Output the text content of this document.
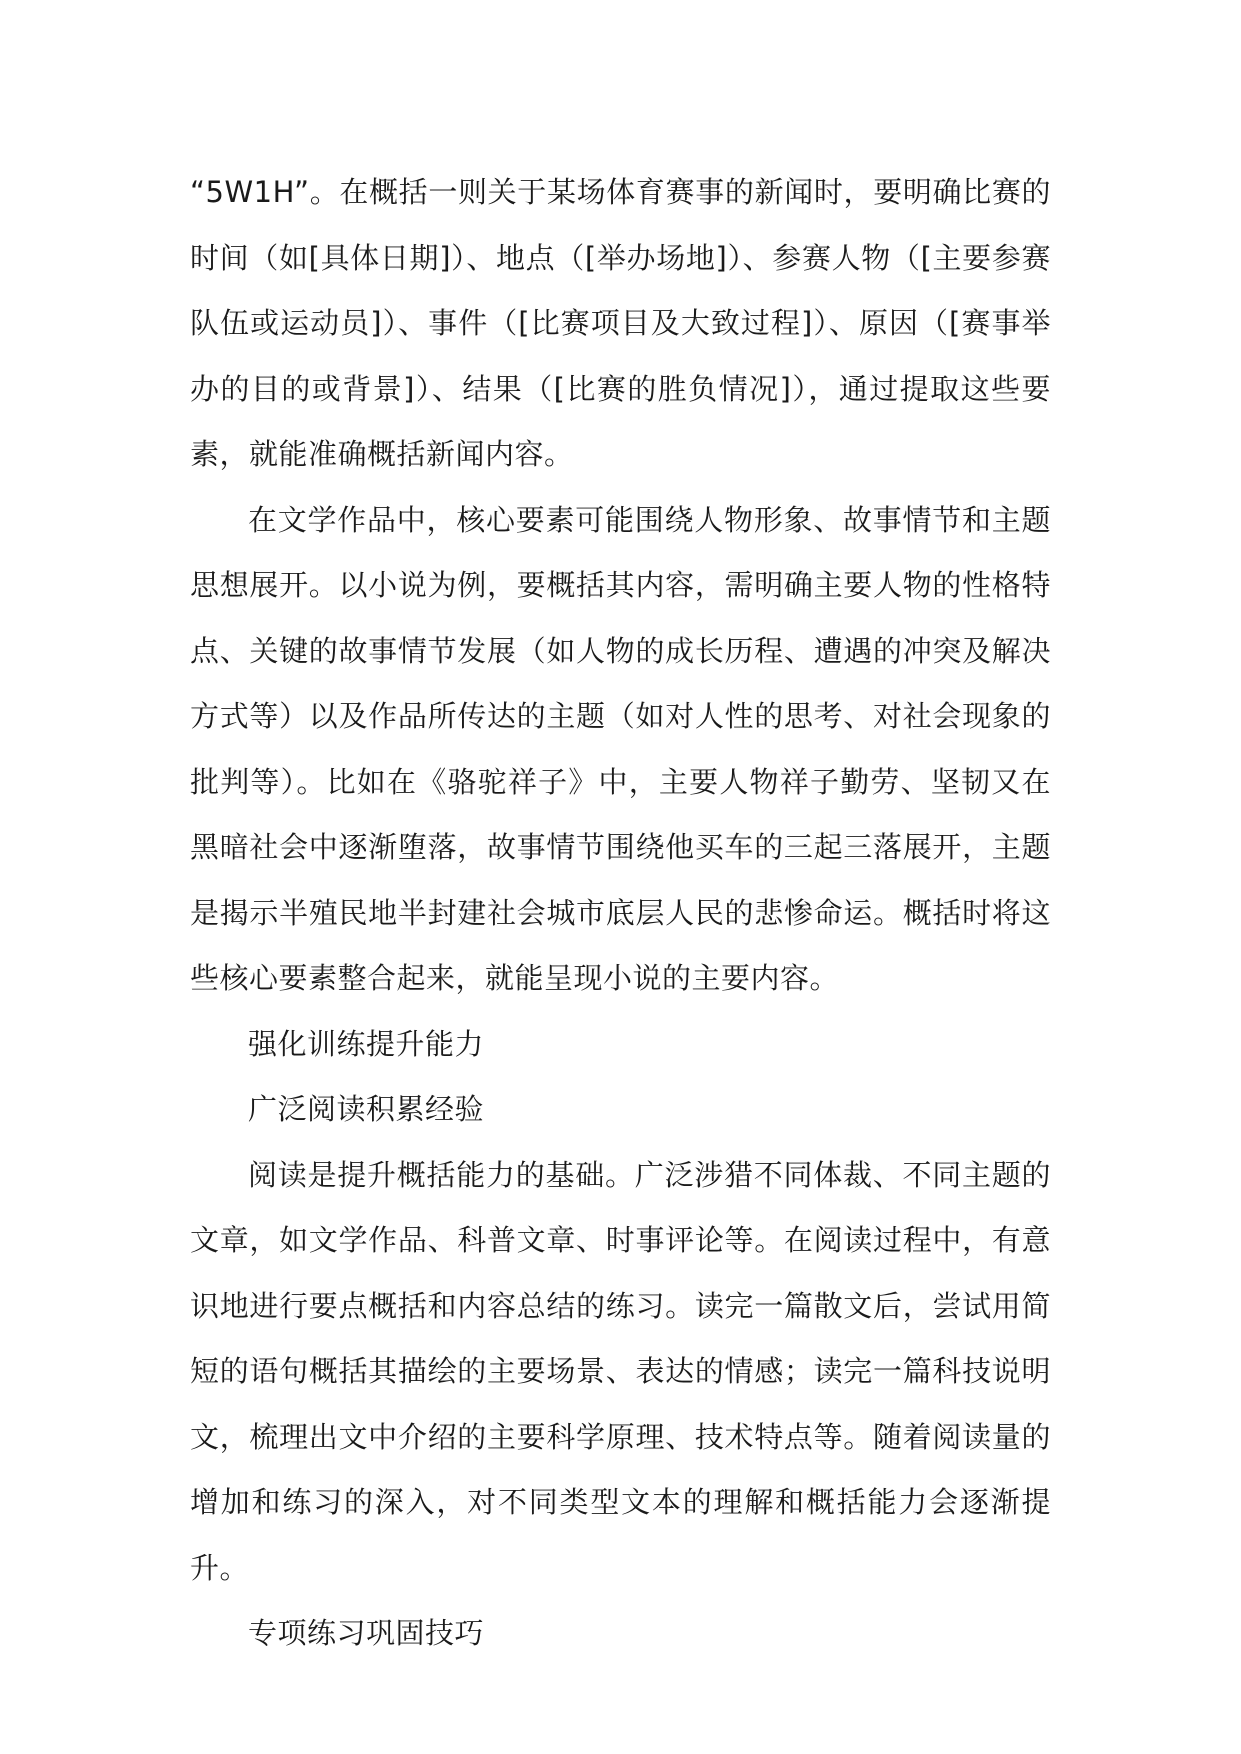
“5W1H”。在概括一则关于某场体育赛事的新闻时，要明确比赛的时间（如[具体日期]）、地点（[举办场地]）、参赛人物（[主要参赛队伍或运动员]）、事件（[比赛项目及大致过程]）、原因（[赛事举办的目的或背景]）、结果（[比赛的胜负情况]），通过提取这些要素，就能准确概括新闻内容。

在文学作品中，核心要素可能围绕人物形象、故事情节和主题思想展开。以小说为例，要概括其内容，需明确主要人物的性格特点、关键的故事情节发展（如人物的成长历程、遭遇的冲突及解决方式等）以及作品所传达的主题（如对人性的思考、对社会现象的批判等）。比如在《骆驼祥子》中，主要人物祥子勤劳、坚韧又在黑暗社会中逐渐堕落，故事情节围绕他买车的三起三落展开，主题是揭示半殖民地半封建社会城市底层人民的悲惨命运。概括时将这些核心要素整合起来，就能呈现小说的主要内容。

强化训练提升能力

广泛阅读积累经验

阅读是提升概括能力的基础。广泛涉猎不同体裁、不同主题的文章，如文学作品、科普文章、时事评论等。在阅读过程中，有意识地进行要点概括和内容总结的练习。读完一篇散文后，尝试用简短的语句概括其描绘的主要场景、表达的情感；读完一篇科技说明文，梳理出文中介绍的主要科学原理、技术特点等。随着阅读量的增加和练习的深入，对不同类型文本的理解和概括能力会逐渐提升。

专项练习巩固技巧
